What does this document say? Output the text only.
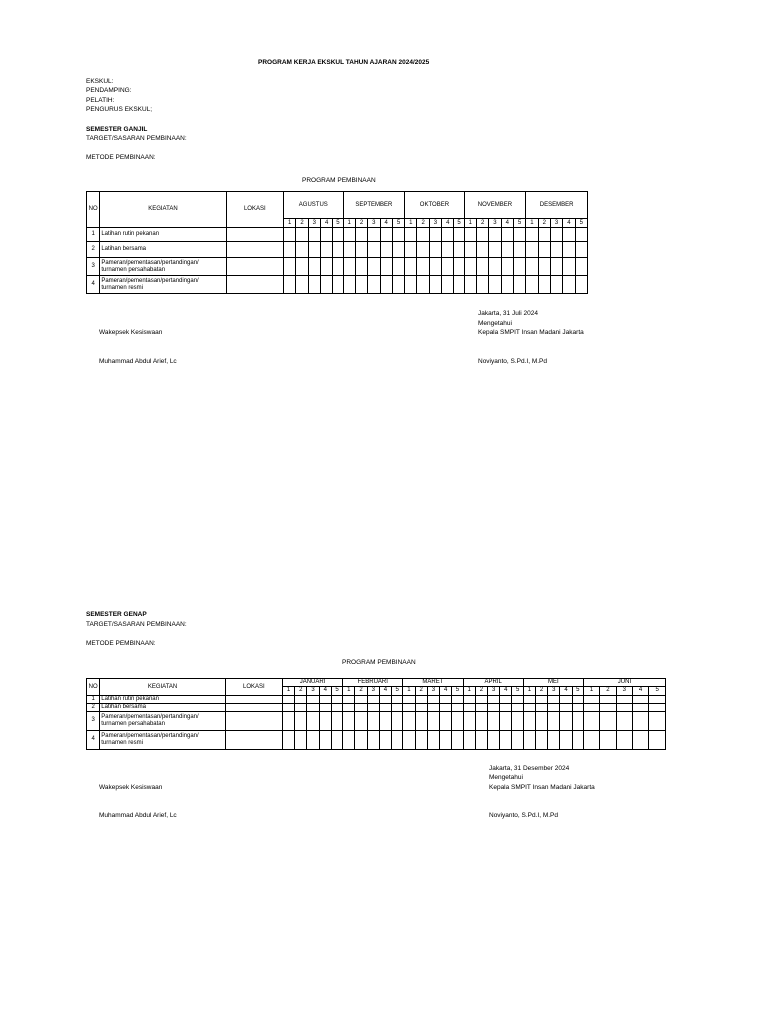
PROGRAM KERJA EKSKUL TAHUN AJARAN 2024/2025
EKSKUL:
PENDAMPING:
PELATIH:
PENGURUS EKSKUL;
SEMESTER GANJIL
TARGET/SASARAN PEMBINAAN:
METODE PEMBINAAN:
PROGRAM PEMBINAAN
NO	KEGIATAN	LOKASI	AGUSTUS					SEPTEMBER					OKTOBER					NOVEMBER					DESEMBER				
			1	2	3	4	5	1	2	3	4	5	1	2	3	4	5	1	2	3	4	5	1	2	3	4	5
1	Latihan rutin pekanan																										
2	Latihan bersama																										
3	Pameran/pementasan/pertandingan/
turnamen persahabatan																										

4	Pameran/pementasan/pertandingan/
turnamen resmi																										

Jakarta, 31 Juli 2024
Mengetahui
Wakepsek Kesiswaan	Kepala SMPIT Insan Madani Jakarta
Muhammad Abdul Arief, Lc	Noviyanto, S.Pd.I, M.Pd
SEMESTER GENAP
TARGET/SASARAN PEMBINAAN:
METODE PEMBINAAN:
PROGRAM PEMBINAAN
NO	KEGIATAN	LOKASI	JANUARI					FEBRUARI					MARET					APRIL					MEI					JUNI				
			1	2	3	4	5	1	2	3	4	5	1	2	3	4	5	1	2	3	4	5	1	2	3	4	5	1	2	3	4	5
1	Latihan rutin pekanan																															
2	Latihan bersama																															
3	Pameran/pementasan/pertandingan/
turnamen persahabatan																															

4	Pameran/pementasan/pertandingan/
turnamen resmi																															

Jakarta, 31 Desember 2024
Mengetahui
Wakepsek Kesiswaan	Kepala SMPIT Insan Madani Jakarta
Muhammad Abdul Arief, Lc	Noviyanto, S.Pd.I, M.Pd
